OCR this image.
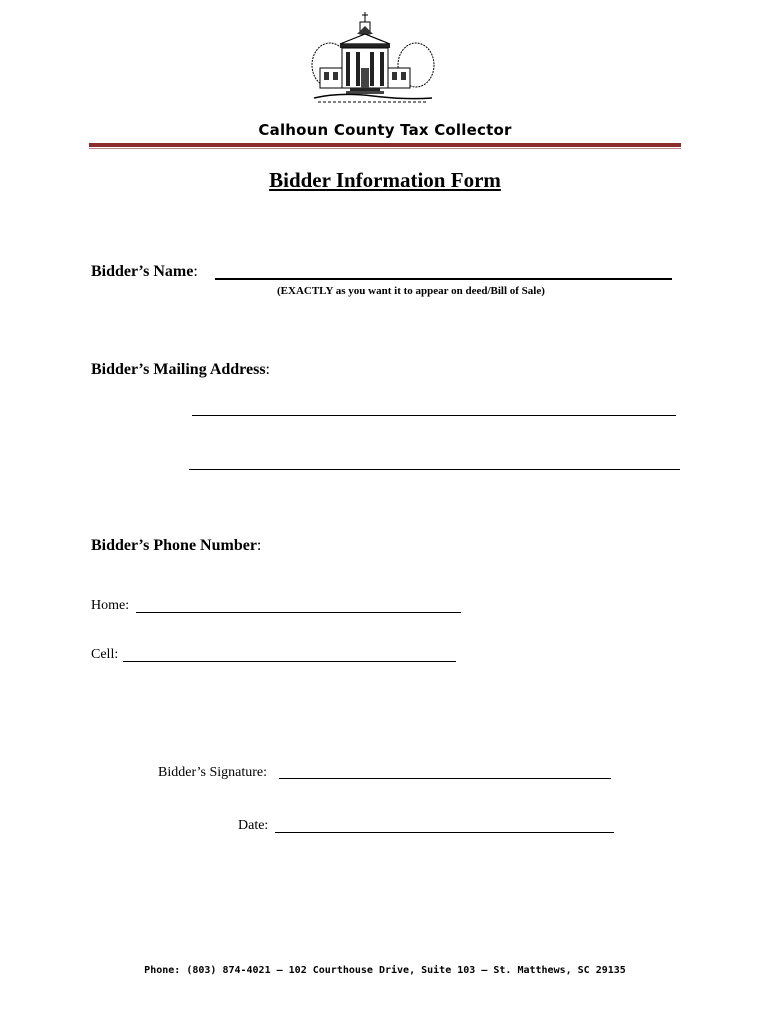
Calhoun County Tax Collector
Bidder Information Form
Bidder’s Name:
(EXACTLY as you want it to appear on deed/Bill of Sale)
Bidder’s Mailing Address:
Bidder’s Phone Number:
Home:
Cell:
Bidder’s Signature:
Date:
Phone: (803) 874-4021 – 102 Courthouse Drive, Suite 103 – St. Matthews, SC 29135
